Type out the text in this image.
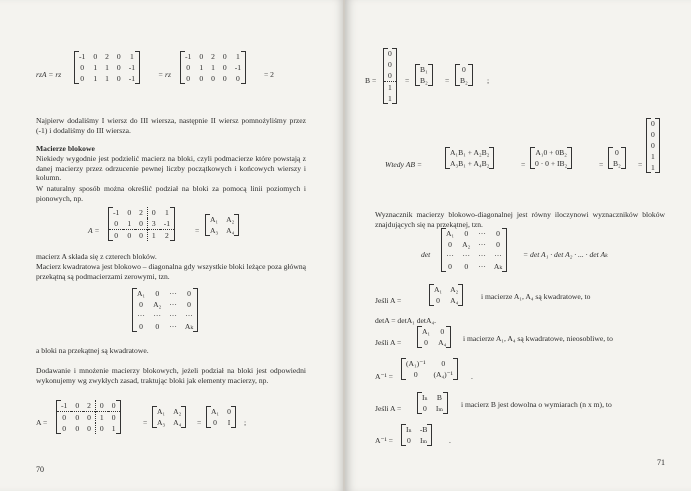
rzA = rz
-1	0	2	0	1
0	1	1	0	-1
0	1	1	0	-1	= rz
-1	0	2	0	1
0	1	1	0	-1
0	0	0	0	0	= 2
Najpierw dodaliśmy I wiersz do III wiersza, następnie II wiersz pomnożyliśmy przez (-1) i dodaliśmy do III wiersza.
Macierze blokowe
Niekiedy wygodnie jest podzielić macierz na bloki, czyli podmacierze które powstają z danej macierzy przez odrzucenie pewnej liczby początkowych i końcowych wierszy i kolumn.
W naturalny sposób można określić podział na bloki za pomocą linii poziomych i pionowych, np.
A =
-1	0	2	0	1
0	1	0	3	-1
0	0	0	1	2
=
A₁	A₂
A₃	A₄
macierz A składa się z czterech bloków.
Macierz kwadratowa jest blokowo – diagonalna gdy wszystkie bloki leżące poza główną przekątną są podmacierzami zerowymi, tzn.
A₁	0	···	0
0	A₂	···	0
···	···	···	···
0	0	···	Aₖ
a bloki na przekątnej są kwadratowe.
Dodawanie i mnożenie macierzy blokowych, jeżeli podział na bloki jest odpowiedni wykonujemy wg zwykłych zasad, traktując bloki jak elementy macierzy, np.
A =
-1	0	2	0	0
0	0	0	1	0
0	0	0	0	1
=
A₁	A₂
A₃	A₄ =
A₁	0
0	I ;
70
B =
0
0
0
1
1
=
B₁
B₂ =
0
B₂	;
Wtedy AB =
A₁B₁ + A₂B₂
A₃B₁ + A₄B₂	=
A₁0 + 0B₂
0 · 0 + IB₂	=
0
B₂ =
0
0
0
1
1
Wyznacznik macierzy blokowo-diagonalnej jest równy iloczynowi wyznaczników bloków znajdujących się na przekątnej, tzn.
det
A₁	0	···	0
0	A₂	···	0
···	···	···	···
0	0	···	Aₖ
= det A₁ · det A₂ · ... · det Aₖ
Jeśli A =
A₁	A₂
0	A₄	i macierze A₁, A₄ są kwadratowe, to
detA = detA₁ detA₄.
Jeśli A =
A₁	0
0	A₄ i macierze A₁, A₄ są kwadratowe, nieosobliwe, to
A⁻¹ =
(A₁)⁻¹	0
0	(A₄)⁻¹ .
Jeśli A =
Iₙ	B
0	Iₘ i macierz B jest dowolna o wymiarach (n x m), to
A⁻¹ =
Iₙ	-B
0	Iₘ	.
71
